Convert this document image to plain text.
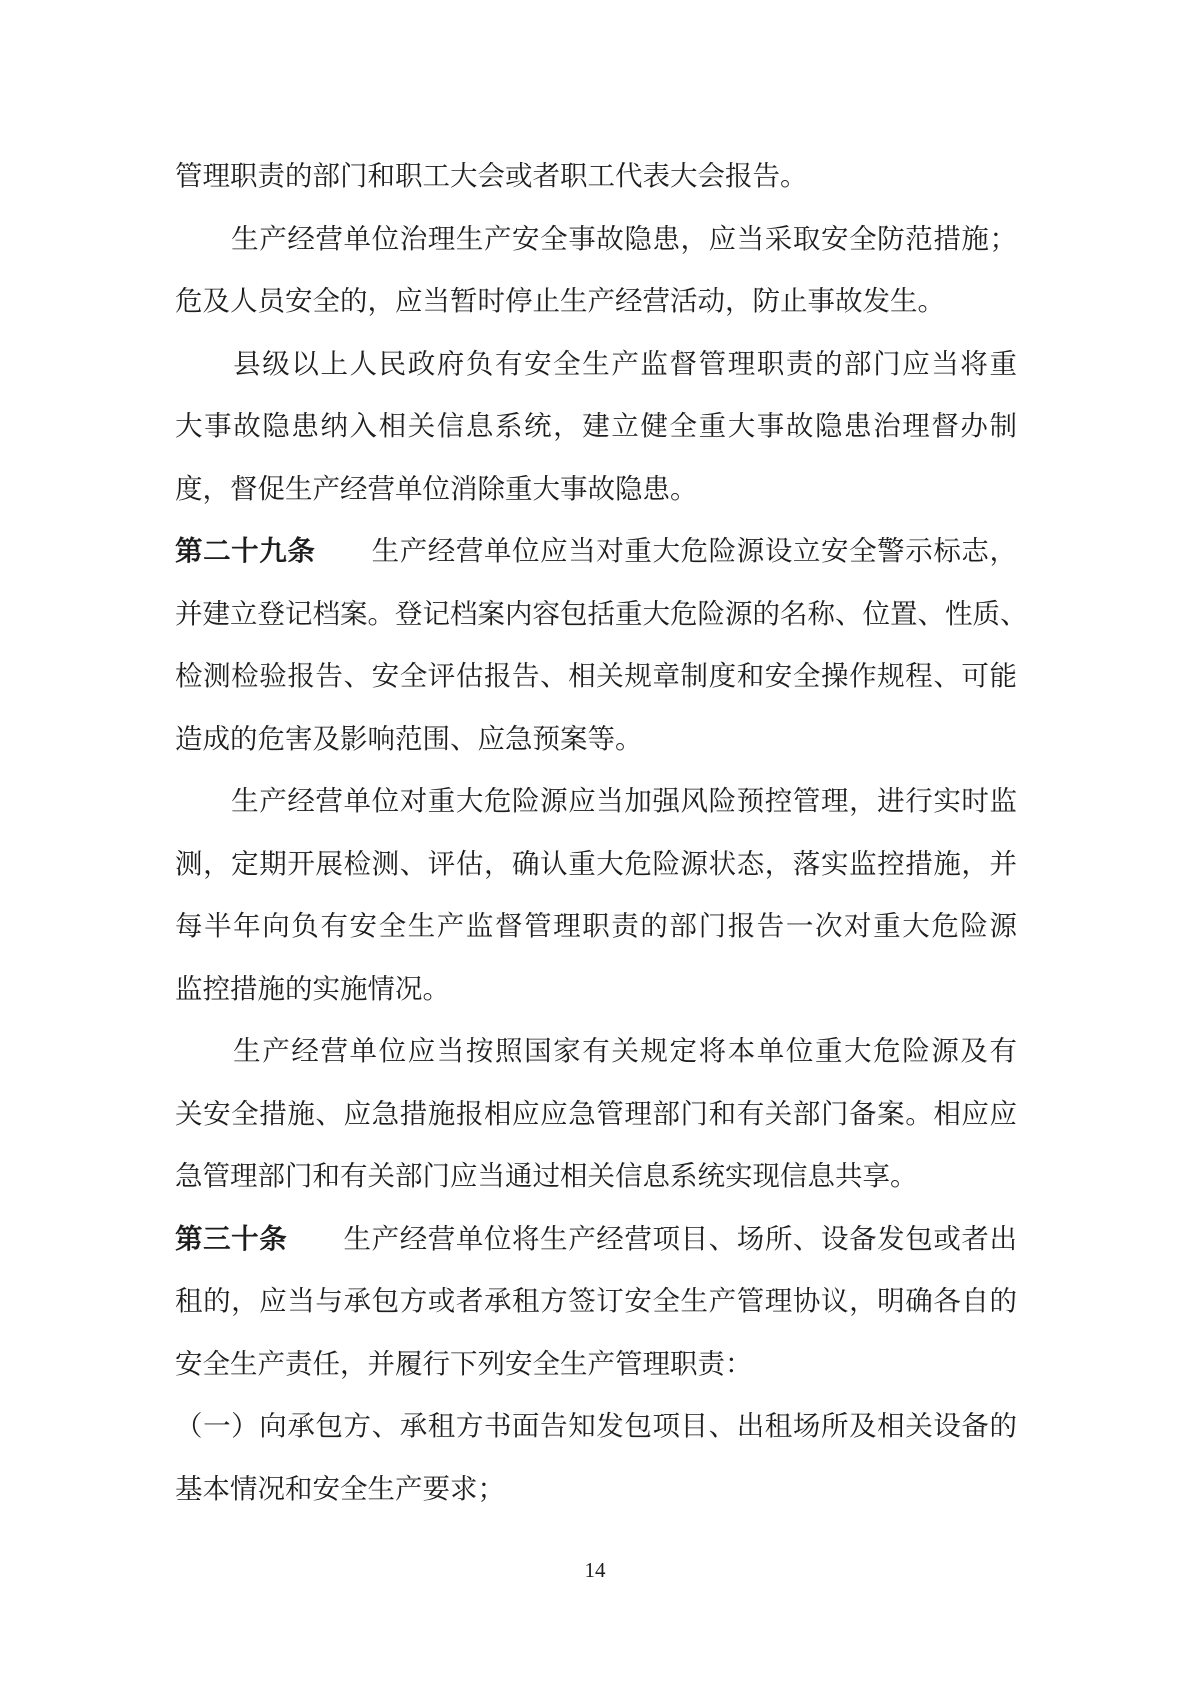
管理职责的部门和职工大会或者职工代表大会报告。
　　生产经营单位治理生产安全事故隐患，应当采取安全防范措施；
危及人员安全的，应当暂时停止生产经营活动，防止事故发生。
　　县级以上人民政府负有安全生产监督管理职责的部门应当将重
大事故隐患纳入相关信息系统，建立健全重大事故隐患治理督办制
度，督促生产经营单位消除重大事故隐患。
第二十九条　　生产经营单位应当对重大危险源设立安全警示标志，
并建立登记档案。登记档案内容包括重大危险源的名称、位置、性质、
检测检验报告、安全评估报告、相关规章制度和安全操作规程、可能
造成的危害及影响范围、应急预案等。
　　生产经营单位对重大危险源应当加强风险预控管理，进行实时监
测，定期开展检测、评估，确认重大危险源状态，落实监控措施，并
每半年向负有安全生产监督管理职责的部门报告一次对重大危险源
监控措施的实施情况。
　　生产经营单位应当按照国家有关规定将本单位重大危险源及有
关安全措施、应急措施报相应应急管理部门和有关部门备案。相应应
急管理部门和有关部门应当通过相关信息系统实现信息共享。
第三十条　　生产经营单位将生产经营项目、场所、设备发包或者出
租的，应当与承包方或者承租方签订安全生产管理协议，明确各自的
安全生产责任，并履行下列安全生产管理职责：
（一）向承包方、承租方书面告知发包项目、出租场所及相关设备的
基本情况和安全生产要求；
14
